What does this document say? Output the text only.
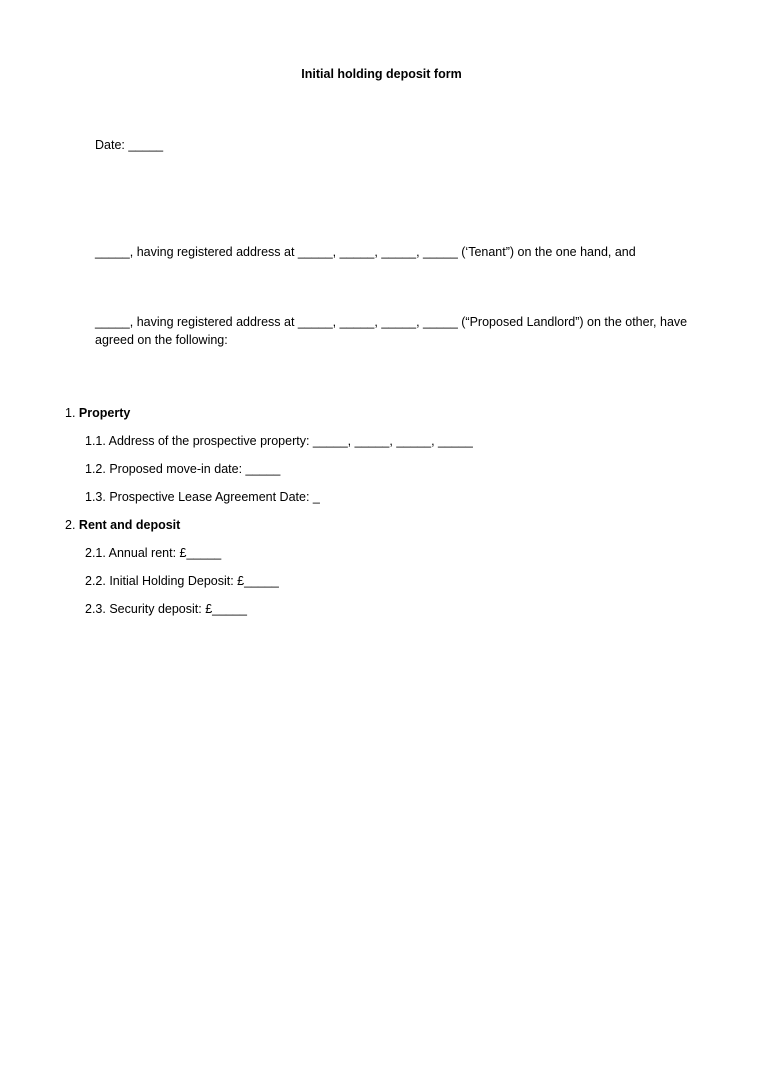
Initial holding deposit form
Date: _____
_____, having registered address at _____, _____, _____, _____ (‘Tenant”) on the one hand, and
_____, having registered address at _____, _____, _____, _____ (“Proposed Landlord”) on the other, have agreed on the following:
1. Property
1.1. Address of the prospective property: _____, _____, _____, _____
1.2. Proposed move-in date: _____
1.3. Prospective Lease Agreement Date: _
2. Rent and deposit
2.1. Annual rent: £_____
2.2. Initial Holding Deposit: £_____
2.3. Security deposit: £_____
